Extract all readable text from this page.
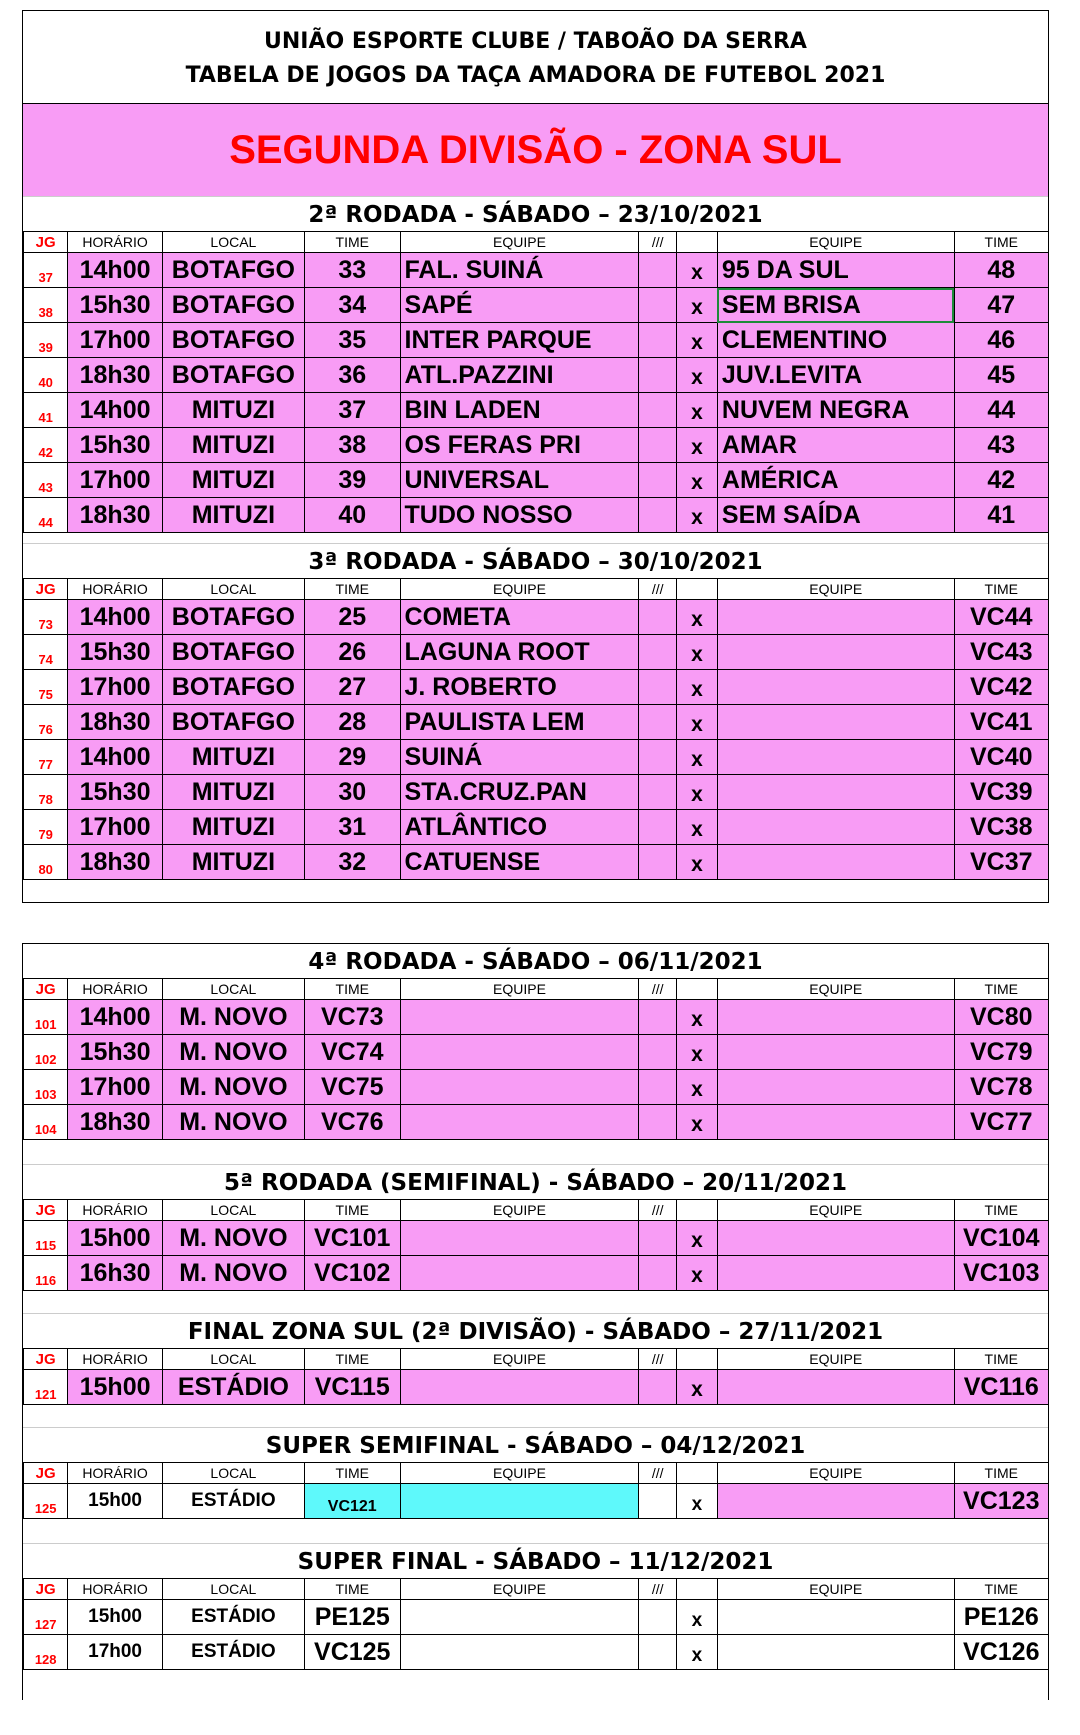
UNIÃO ESPORTE CLUBE / TABOÃO DA SERRA
TABELA DE JOGOS DA TAÇA AMADORA DE FUTEBOL 2021
SEGUNDA DIVISÃO - ZONA SUL
2ª RODADA - SÁBADO – 23/10/2021
JG	HORÁRIO	LOCAL	TIME	EQUIPE	///		EQUIPE	TIME
37	14h00	BOTAFGO	33	FAL. SUINÁ		x	95 DA SUL	48
38	15h30	BOTAFGO	34	SAPÉ		x	SEM BRISA	47
39	17h00	BOTAFGO	35	INTER PARQUE		x	CLEMENTINO	46
40	18h30	BOTAFGO	36	ATL.PAZZINI		x	JUV.LEVITA	45
41	14h00	MITUZI	37	BIN LADEN		x	NUVEM NEGRA	44
42	15h30	MITUZI	38	OS FERAS PRI		x	AMAR	43
43	17h00	MITUZI	39	UNIVERSAL		x	AMÉRICA	42
44	18h30	MITUZI	40	TUDO NOSSO		x	SEM SAÍDA	41
3ª RODADA - SÁBADO – 30/10/2021
JG	HORÁRIO	LOCAL	TIME	EQUIPE	///		EQUIPE	TIME
73	14h00	BOTAFGO	25	COMETA		x		VC44
74	15h30	BOTAFGO	26	LAGUNA ROOT		x		VC43
75	17h00	BOTAFGO	27	J. ROBERTO		x		VC42
76	18h30	BOTAFGO	28	PAULISTA LEM		x		VC41
77	14h00	MITUZI	29	SUINÁ		x		VC40
78	15h30	MITUZI	30	STA.CRUZ.PAN		x		VC39
79	17h00	MITUZI	31	ATLÂNTICO		x		VC38
80	18h30	MITUZI	32	CATUENSE		x		VC37
4ª RODADA - SÁBADO – 06/11/2021
JG	HORÁRIO	LOCAL	TIME	EQUIPE	///		EQUIPE	TIME
101	14h00	M. NOVO	VC73			x		VC80
102	15h30	M. NOVO	VC74			x		VC79
103	17h00	M. NOVO	VC75			x		VC78
104	18h30	M. NOVO	VC76			x		VC77
5ª RODADA (SEMIFINAL) - SÁBADO – 20/11/2021
JG	HORÁRIO	LOCAL	TIME	EQUIPE	///		EQUIPE	TIME
115	15h00	M. NOVO	VC101			x		VC104
116	16h30	M. NOVO	VC102			x		VC103
FINAL ZONA SUL (2ª DIVISÃO) - SÁBADO – 27/11/2021
JG	HORÁRIO	LOCAL	TIME	EQUIPE	///		EQUIPE	TIME
121	15h00	ESTÁDIO	VC115			x		VC116
SUPER SEMIFINAL - SÁBADO – 04/12/2021
JG	HORÁRIO	LOCAL	TIME	EQUIPE	///		EQUIPE	TIME
125	15h00	ESTÁDIO	VC121			x		VC123
SUPER FINAL - SÁBADO – 11/12/2021
JG	HORÁRIO	LOCAL	TIME	EQUIPE	///		EQUIPE	TIME
127	15h00	ESTÁDIO	PE125			x		PE126
128	17h00	ESTÁDIO	VC125			x		VC126
